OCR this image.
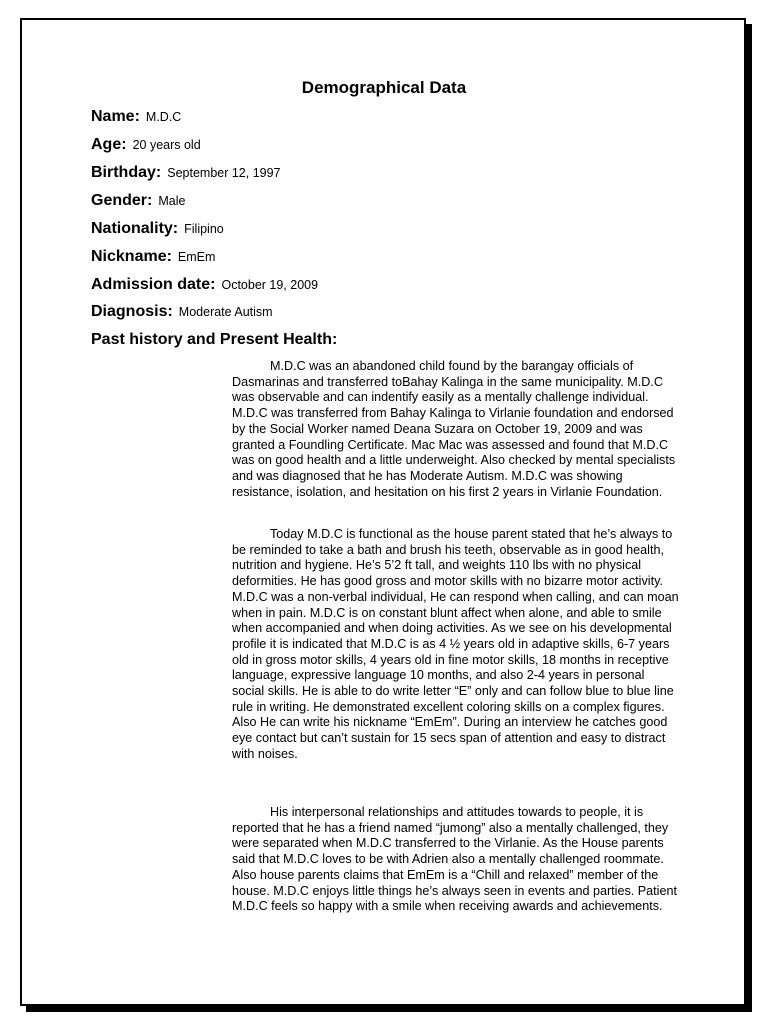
Demographical Data
Name: M.D.C
Age: 20 years old
Birthday: September 12, 1997
Gender: Male
Nationality: Filipino
Nickname: EmEm
Admission date: October 19, 2009
Diagnosis: Moderate Autism
Past history and Present Health:

M.D.C was an abandoned child found by the barangay officials of Dasmarinas and transferred toBahay Kalinga in the same municipality. M.D.C was observable and can indentify easily as a mentally challenge individual. M.D.C was transferred from Bahay Kalinga to Virlanie foundation and endorsed by the Social Worker named Deana Suzara on October 19, 2009 and was granted a Foundling Certificate. Mac Mac was assessed and found that M.D.C was on good health and a little underweight. Also checked by mental specialists and was diagnosed that he has Moderate Autism. M.D.C was showing resistance, isolation, and hesitation on his first 2 years in Virlanie Foundation.

Today M.D.C is functional as the house parent stated that he’s always to be reminded to take a bath and brush his teeth, observable as in good health, nutrition and hygiene. He’s 5’2 ft tall, and weights 110 lbs with no physical deformities. He has good gross and motor skills with no bizarre motor activity. M.D.C was a non-verbal individual, He can respond when calling, and can moan when in pain. M.D.C is on constant blunt affect when alone, and able to smile when accompanied and when doing activities. As we see on his developmental profile it is indicated that M.D.C is as 4 ½ years old in adaptive skills, 6-7 years old in gross motor skills, 4 years old in fine motor skills, 18 months in receptive language, expressive language 10 months, and also 2-4 years in personal social skills. He is able to do write letter “E” only and can follow blue to blue line rule in writing. He demonstrated excellent coloring skills on a complex figures. Also He can write his nickname “EmEm”. During an interview he catches good eye contact but can’t sustain for 15 secs span of attention and easy to distract with noises.

His interpersonal relationships and attitudes towards to people, it is reported that he has a friend named “jumong” also a mentally challenged, they were separated when M.D.C transferred to the Virlanie. As the House parents said that M.D.C loves to be with Adrien also a mentally challenged roommate. Also house parents claims that EmEm is a “Chill and relaxed” member of the house. M.D.C enjoys little things he’s always seen in events and parties. Patient M.D.C feels so happy with a smile when receiving awards and achievements.
